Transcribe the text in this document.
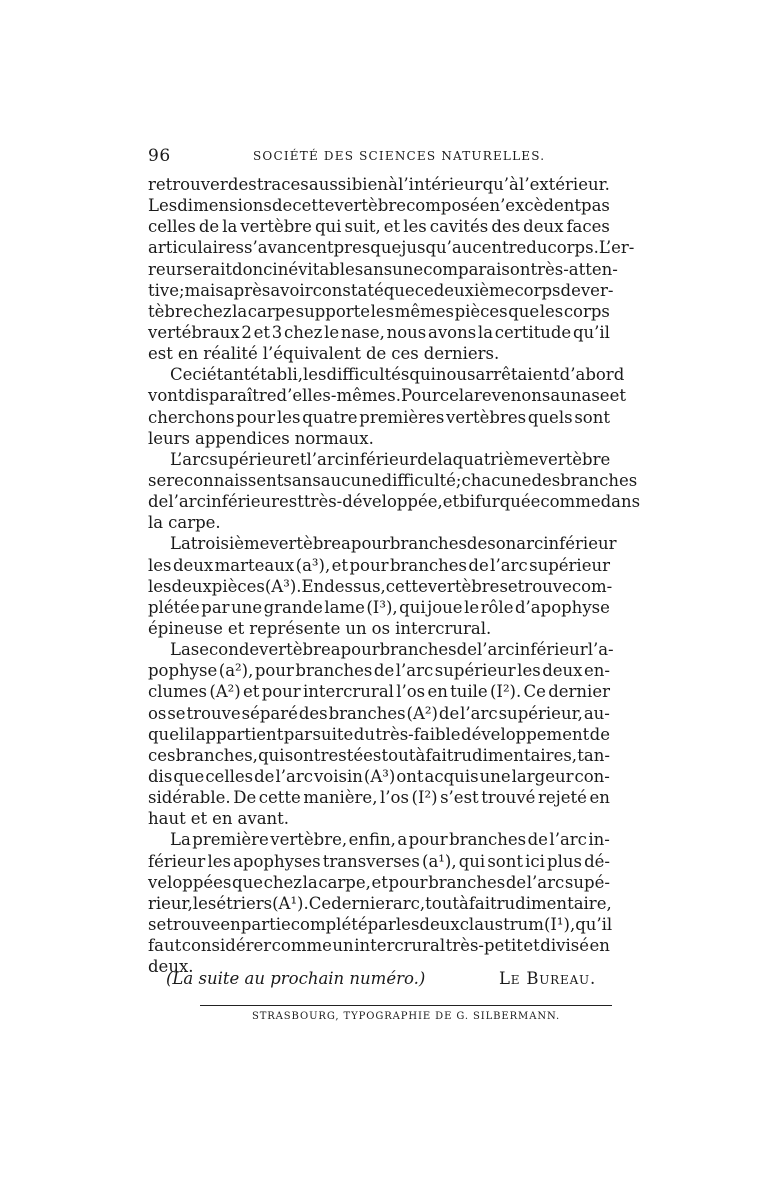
96	SOCIÉTÉ DES SCIENCES NATURELLES.
retrouver des traces aussi bien à l’intérieur qu’à l’extérieur.
Les dimensions de cette vertèbre composée n’excèdent pas
celles de la vertèbre qui suit, et les cavités des deux faces
articulaires s’avancent presque jusqu’au centre du corps. L’er-
reur serait donc inévitable sans une comparaison très-atten-
tive; mais après avoir constaté que ce deuxième corps de ver-
tèbre chez la carpe supporte les mêmes pièces que les corps
vertébraux 2 et 3 chez le nase, nous avons la certitude qu’il
est en réalité l’équivalent de ces derniers.
Ceci étant établi, les difficultés qui nous arrêtaient d’abord
vont disparaître d’elles-mêmes. Pour cela revenons au nase et
cherchons pour les quatre premières vertèbres quels sont
leurs appendices normaux.
L’arc supérieur et l’arc inférieur de la quatrième vertèbre
se reconnaissent sans aucune difficulté; chacune des branches
de l’arc inférieur est très-développée, et bifurquée comme dans
la carpe.
La troisième vertèbre a pour branches de son arc inférieur
les deux marteaux (a³), et pour branches de l’arc supérieur
les deux pièces (A³). En dessus, cette vertèbre se trouve com-
plétée par une grande lame (I³), qui joue le rôle d’apophyse
épineuse et représente un os intercrural.
La seconde vertèbre a pour branches de l’arc inférieur l’a-
pophyse (a²), pour branches de l’arc supérieur les deux en-
clumes (A²) et pour intercrural l’os en tuile (I²). Ce dernier
os se trouve séparé des branches (A²) de l’arc supérieur, au-
quel il appartient par suite du très-faible développement de
ces branches, qui sont restées tout à fait rudimentaires, tan-
dis que celles de l’arc voisin (A³) ont acquis une largeur con-
sidérable. De cette manière, l’os (I²) s’est trouvé rejeté en
haut et en avant.
La première vertèbre, enfin, a pour branches de l’arc in-
férieur les apophyses transverses (a¹), qui sont ici plus dé-
veloppées que chez la carpe, et pour branches de l’arc supé-
rieur, les étriers (A¹). Ce dernier arc, tout à fait rudimentaire,
se trouve en partie complété par les deux claustrum (I¹), qu’il
faut considérer comme un intercrural très-petit et divisé en
deux.
(La suite au prochain numéro.)	Le Bureau.
STRASBOURG, TYPOGRAPHIE DE G. SILBERMANN.
